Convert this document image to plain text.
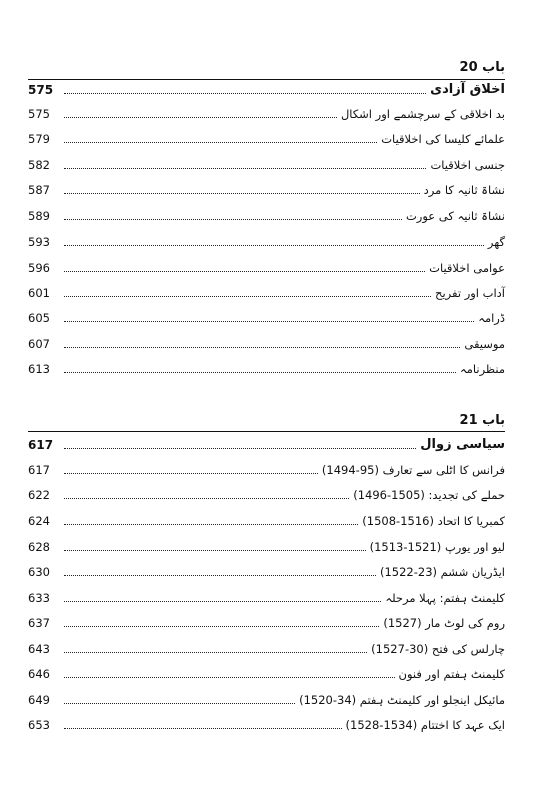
باب 20
اخلاق آزادی
575
بد اخلاقی کے سرچشمے اور اشکال
575
علمائے کلیسا کی اخلاقیات
579
جنسی اخلاقیات
582
نشاۃ ثانیہ کا مرد
587
نشاۃ ثانیہ کی عورت
589
گھر
593
عوامی اخلاقیات
596
آداب اور تفریح
601
ڈرامہ
605
موسیقی
607
منظرنامہ
613
باب 21
سیاسی زوال
617
فرانس کا اٹلی سے تعارف (95-1494)
617
حملے کی تجدید: (1505-1496)
622
کمبریا کا اتحاد (1516-1508)
624
لیو اور یورپ (1521-1513)
628
ایڈریان ششم (23-1522)
630
کلیمنٹ ہفتم: پہلا مرحلہ
633
روم کی لوٹ مار (1527)
637
چارلس کی فتح (30-1527)
643
کلیمنٹ ہفتم اور فنون
646
مائیکل اینجلو اور کلیمنٹ ہفتم (34-1520)
649
ایک عہد کا اختتام (1534-1528)
653
